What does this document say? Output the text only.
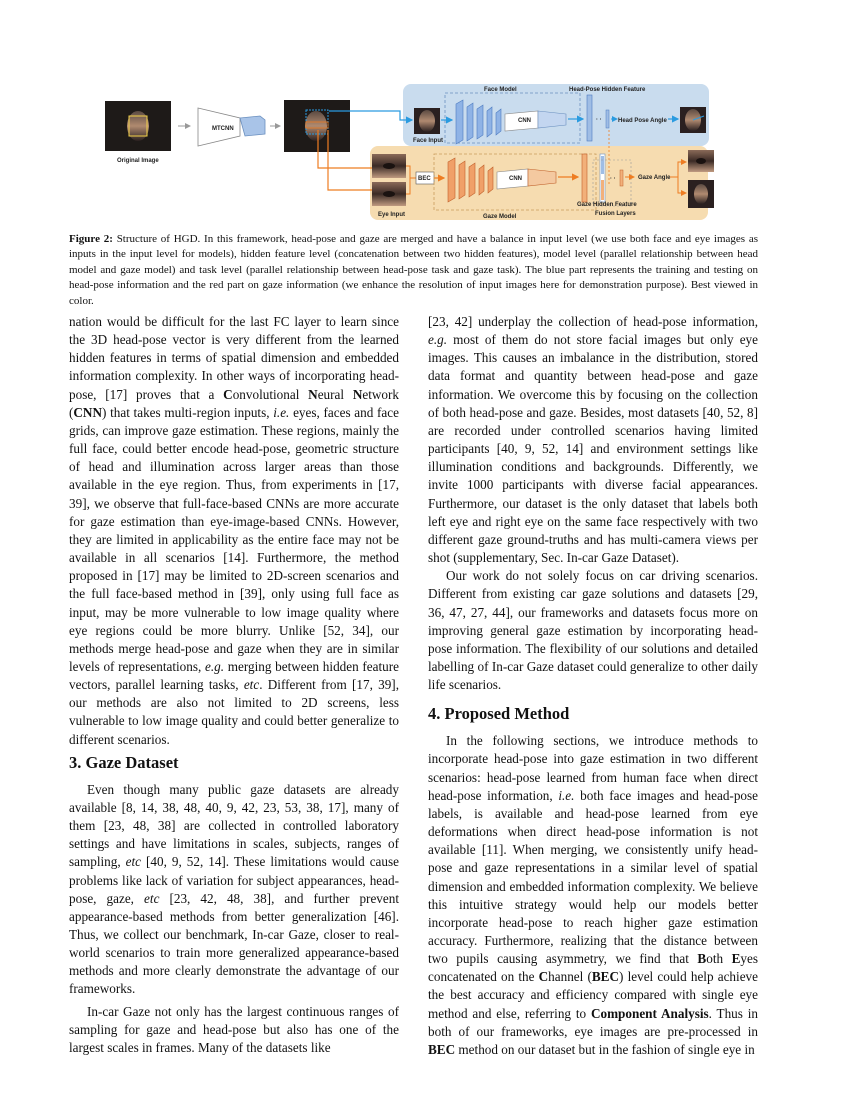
Original Image
MTCNN
Face Model	Head-Pose Hidden Feature
Face Input
CNN	· ·	Head Pose Angle
Eye Input
BEC
Gaze Model
CNN	· ·	Gaze Angle
Gaze Hidden Feature
Fusion Layers
Figure 2: Structure of HGD. In this framework, head-pose and gaze are merged and have a balance in input level (we use both face and eye images as inputs in the input level for models), hidden feature level (concatenation between two hidden features), model level (parallel relationship between head model and gaze model) and task level (parallel relationship between head-pose task and gaze task). The blue part represents the training and testing on head-pose information and the red part on gaze information (we enhance the resolution of input images here for demonstration purpose). Best viewed in color.

nation would be difficult for the last FC layer to learn since the 3D head-pose vector is very different from the learned hidden features in terms of spatial dimension and embedded information complexity. In other ways of incorporating head-pose, [17] proves that a Convolutional Neural Network (CNN) that takes multi-region inputs, i.e. eyes, faces and face grids, can improve gaze estimation. These regions, mainly the full face, could better encode head-pose, geometric structure of head and illumination across larger areas than those available in the eye region. Thus, from experiments in [17, 39], we observe that full-face-based CNNs are more accurate for gaze estimation than eye-image-based CNNs. However, they are limited in applicability as the entire face may not be available in all scenarios [14]. Furthermore, the method proposed in [17] may be limited to 2D-screen scenarios and the full face-based method in [39], only using full face as input, may be more vulnerable to low image quality where eye regions could be more blurry. Unlike [52, 34], our methods merge head-pose and gaze when they are in similar levels of representations, e.g. merging between hidden feature vectors, parallel learning tasks, etc. Different from [17, 39], our methods are also not limited to 2D screens, less vulnerable to low image quality and could better generalize to different scenarios.

3. Gaze Dataset

Even though many public gaze datasets are already available [8, 14, 38, 48, 40, 9, 42, 23, 53, 38, 17], many of them [23, 48, 38] are collected in controlled laboratory settings and have limitations in scales, subjects, ranges of sampling, etc [40, 9, 52, 14]. These limitations would cause problems like lack of variation for subject appearances, head-pose, gaze, etc [23, 42, 48, 38], and further prevent appearance-based methods from better generalization [46]. Thus, we collect our benchmark, In-car Gaze, closer to real-world scenarios to train more generalized appearance-based methods and more clearly demonstrate the advantage of our frameworks.

In-car Gaze not only has the largest continuous ranges of sampling for gaze and head-pose but also has one of the largest scales in frames. Many of the datasets like

[23, 42] underplay the collection of head-pose information, e.g. most of them do not store facial images but only eye images. This causes an imbalance in the distribution, stored data format and quantity between head-pose and gaze information. We overcome this by focusing on the collection of both head-pose and gaze. Besides, most datasets [40, 52, 8] are recorded under controlled scenarios having limited participants [40, 9, 52, 14] and environment settings like illumination conditions and backgrounds. Differently, we invite 1000 participants with diverse facial appearances. Furthermore, our dataset is the only dataset that labels both left eye and right eye on the same face respectively with two different gaze ground-truths and has multi-camera views per shot (supplementary, Sec. In-car Gaze Dataset).

Our work do not solely focus on car driving scenarios. Different from existing car gaze solutions and datasets [29, 36, 47, 27, 44], our frameworks and datasets focus more on improving general gaze estimation by incorporating head-pose information. The flexibility of our solutions and detailed labelling of In-car Gaze dataset could generalize to other daily life scenarios.

4. Proposed Method

In the following sections, we introduce methods to incorporate head-pose into gaze estimation in two different scenarios: head-pose learned from human face when direct head-pose information, i.e. both face images and head-pose labels, is available and head-pose learned from eye deformations when direct head-pose information is not available [11]. When merging, we consistently unify head-pose and gaze representations in a similar level of spatial dimension and embedded information complexity. We believe this intuitive strategy would help our models better incorporate head-pose to reach higher gaze estimation accuracy. Furthermore, realizing that the distance between two pupils causing asymmetry, we find that Both Eyes concatenated on the Channel (BEC) level could help achieve the best accuracy and efficiency compared with single eye method and else, referring to Component Analysis. Thus in both of our frameworks, eye images are pre-processed in BEC method on our dataset but in the fashion of single eye in
